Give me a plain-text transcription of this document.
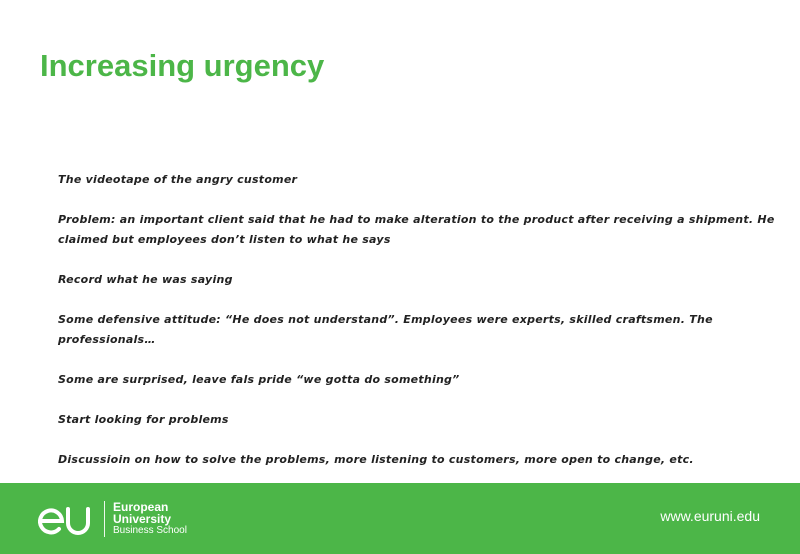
Increasing urgency

The videotape of the angry customer

Problem: an important client said that he had to make alteration to the product after receiving a shipment. He claimed but employees don’t listen to what he says

Record what he was saying

Some defensive attitude: “He does not understand”. Employees were experts, skilled craftsmen. The professionals…

Some are surprised, leave fals pride “we gotta do something”

Start looking for problems

Discussioin on how to solve the problems, more listening to customers, more open to change, etc.

European
University
Business School
www.euruni.edu
